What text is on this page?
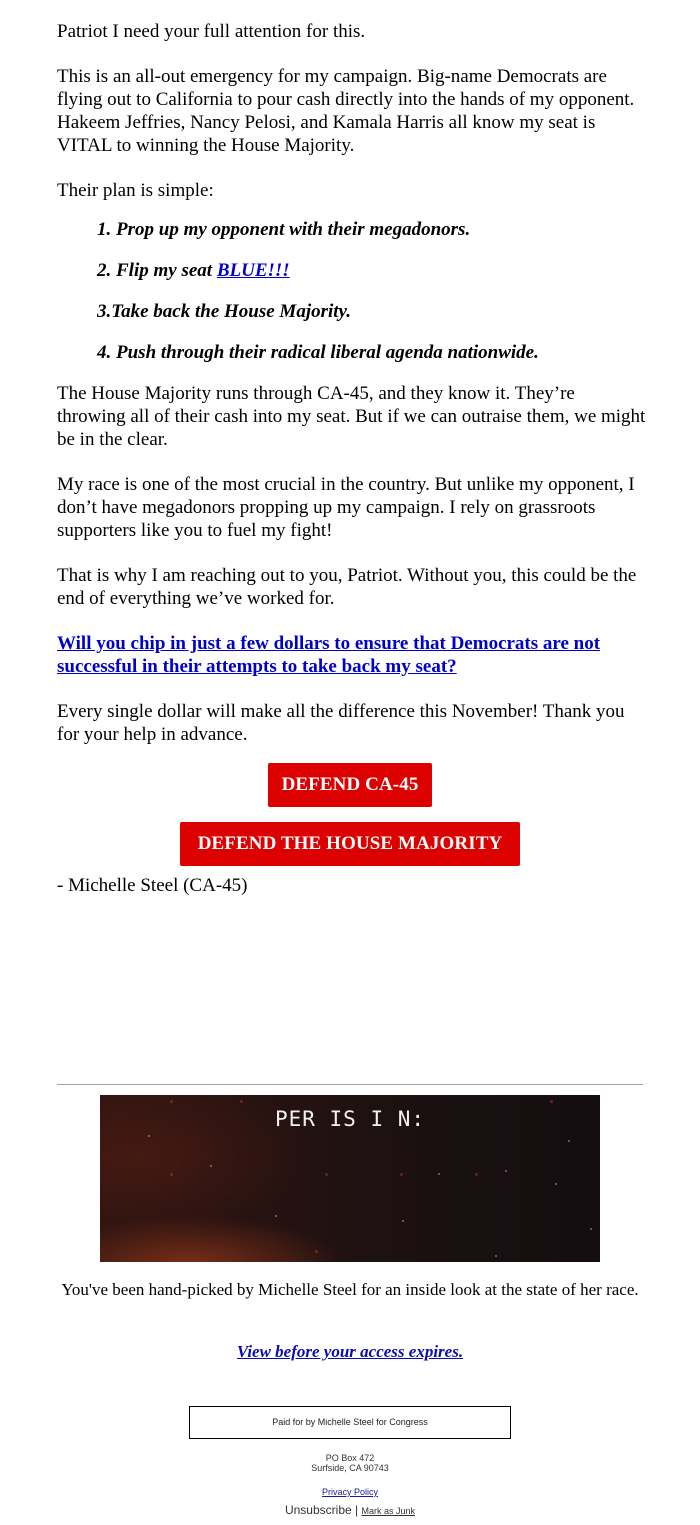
Patriot I need your full attention for this.

This is an all-out emergency for my campaign. Big-name Democrats are flying out to California to pour cash directly into the hands of my opponent. Hakeem Jeffries, Nancy Pelosi, and Kamala Harris all know my seat is VITAL to winning the House Majority.

Their plan is simple:

1. Prop up my opponent with their megadonors.
2. Flip my seat BLUE!!!
3.Take back the House Majority.
4. Push through their radical liberal agenda nationwide.

The House Majority runs through CA-45, and they know it. They’re throwing all of their cash into my seat. But if we can outraise them, we might be in the clear.

My race is one of the most crucial in the country. But unlike my opponent, I don’t have megadonors propping up my campaign. I rely on grassroots supporters like you to fuel my fight!

That is why I am reaching out to you, Patriot. Without you, this could be the end of everything we’ve worked for.

Will you chip in just a few dollars to ensure that Democrats are not successful in their attempts to take back my seat?

Every single dollar will make all the difference this November! Thank you for your help in advance.

DEFEND CA-45
DEFEND THE HOUSE MAJORITY
- Michelle Steel (CA-45)
PER IS I N:
You've been hand-picked by Michelle Steel for an inside look at the state of her race.
View before your access expires.
Paid for by Michelle Steel for Congress
PO Box 472
Surfside, CA 90743
Privacy Policy
Unsubscribe | Mark as Junk
